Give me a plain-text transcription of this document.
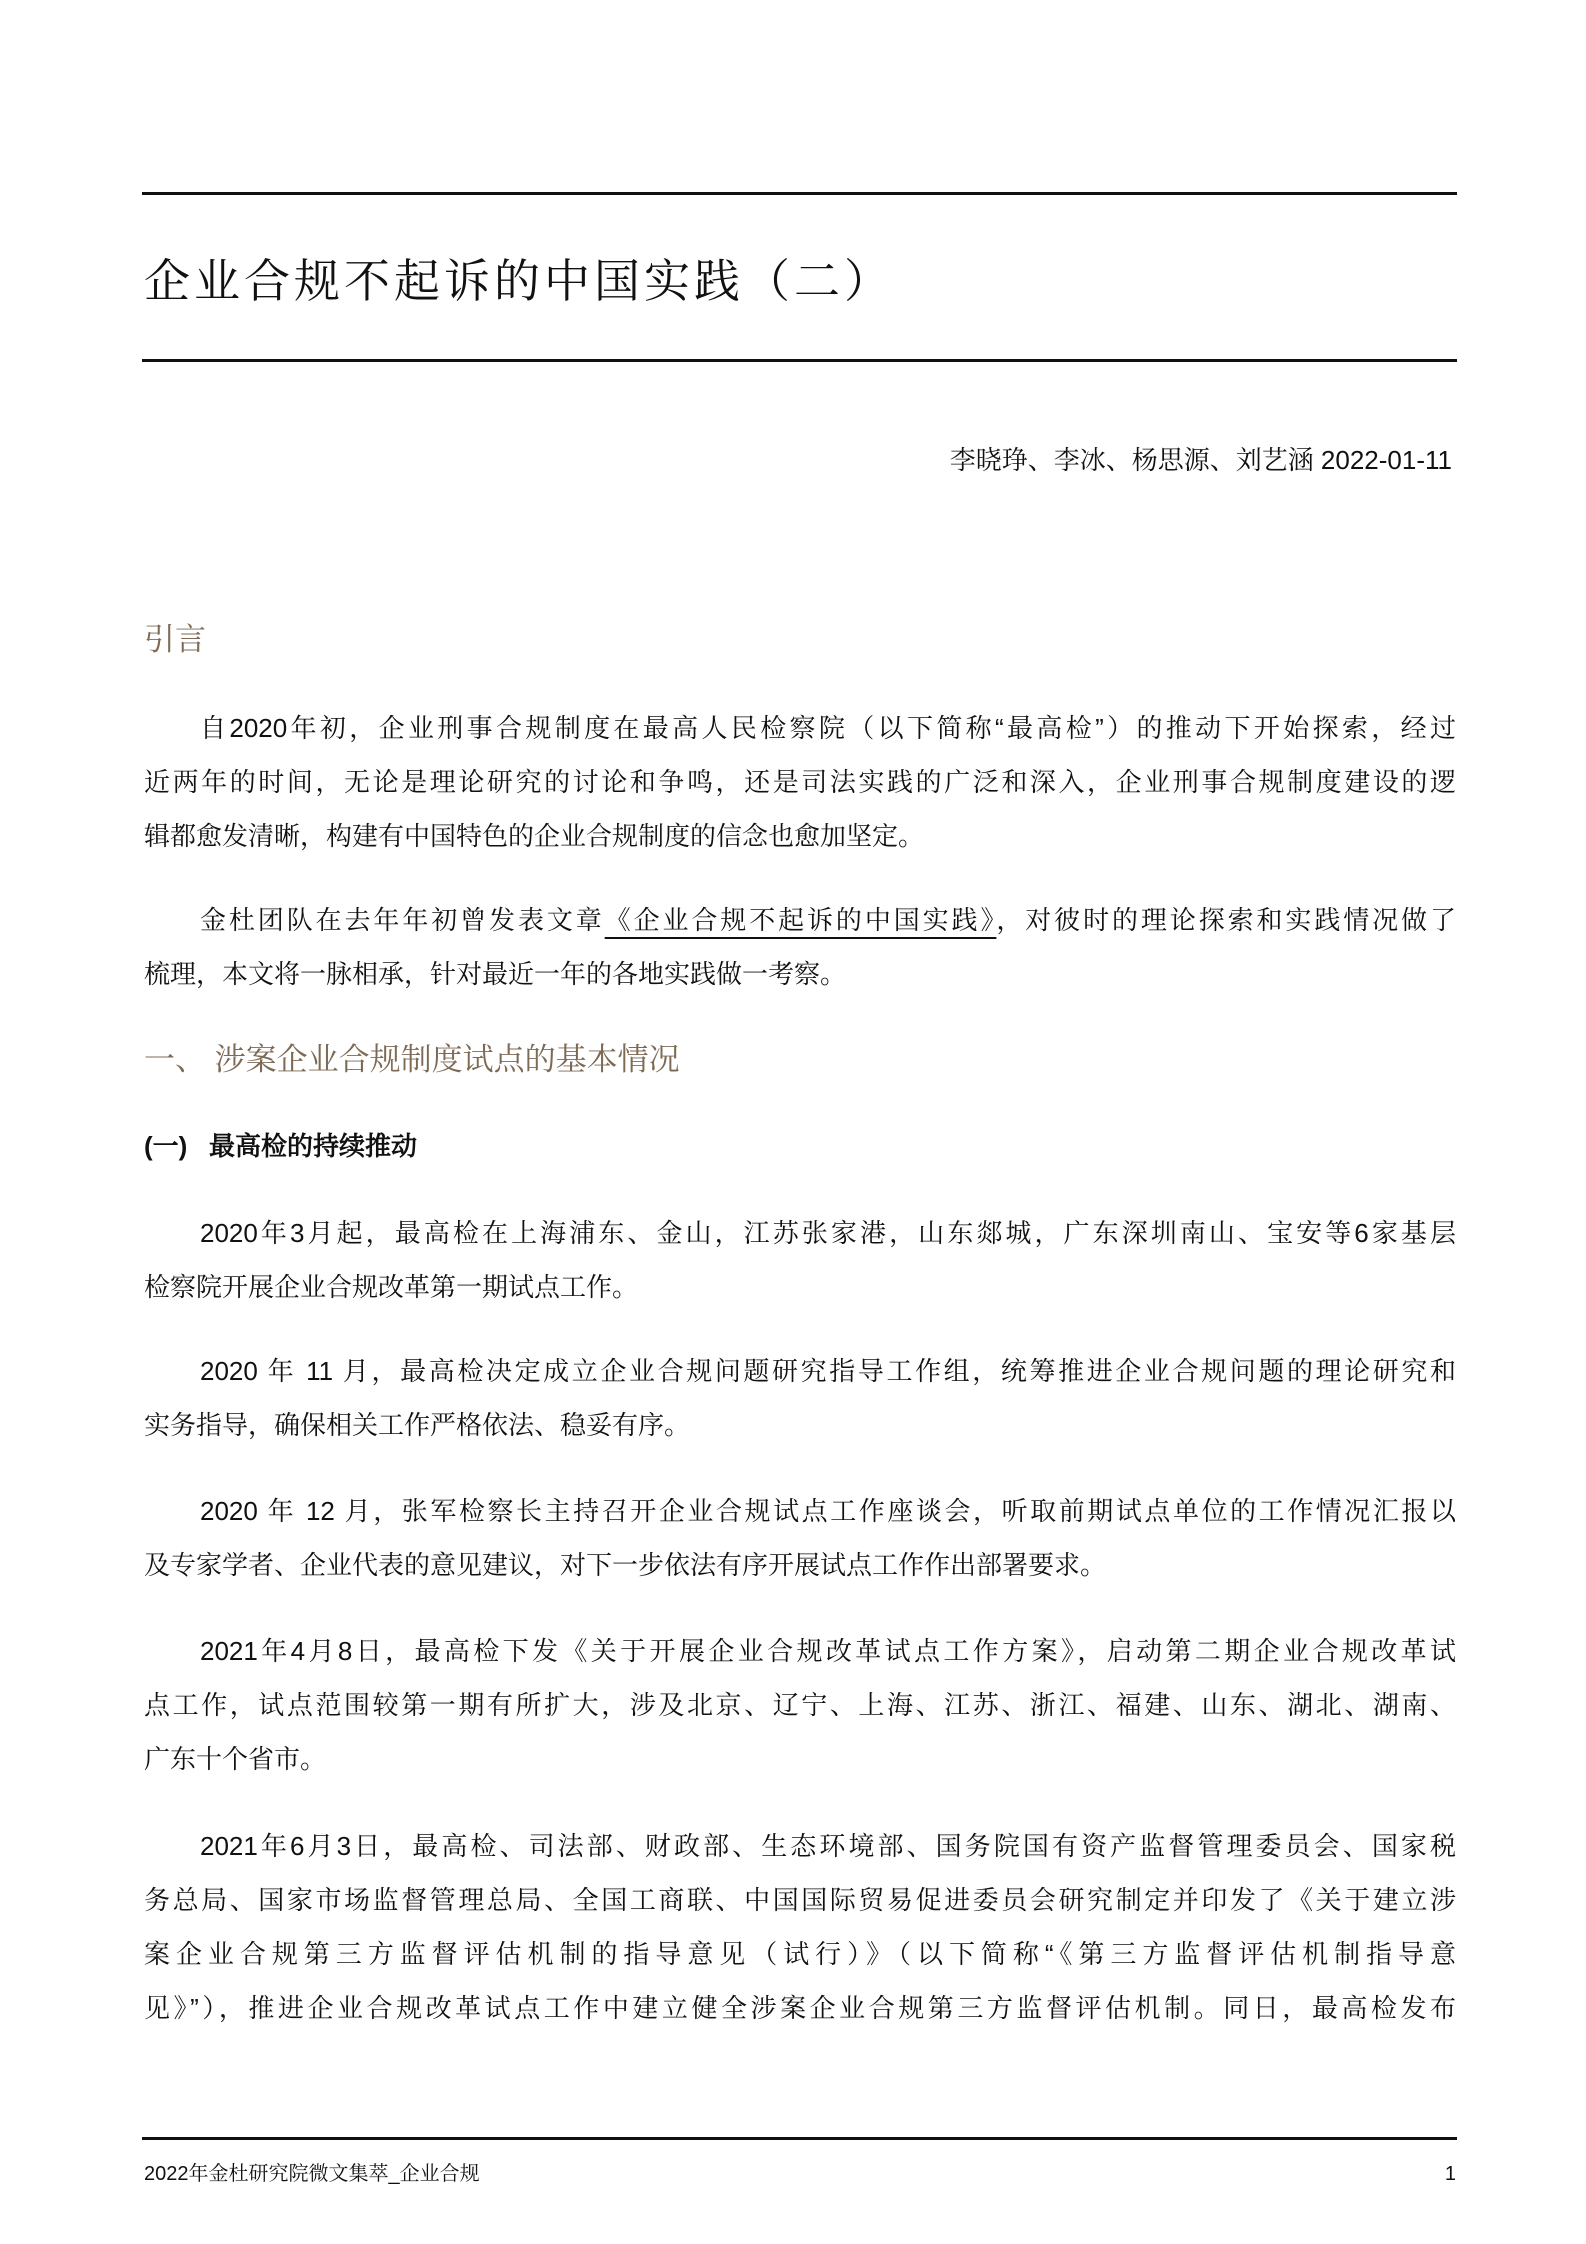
企业合规不起诉的中国实践（二）
李晓琤、李冰、杨思源、刘艺涵 2022-01-11
引言
自2020年初，企业刑事合规制度在最高人民检察院（以下简称“最高检”）的推动下开始探索，经过
近两年的时间，无论是理论研究的讨论和争鸣，还是司法实践的广泛和深入，企业刑事合规制度建设的逻
辑都愈发清晰，构建有中国特色的企业合规制度的信念也愈加坚定。
金杜团队在去年年初曾发表文章《企业合规不起诉的中国实践》，对彼时的理论探索和实践情况做了
梳理，本文将一脉相承，针对最近一年的各地实践做一考察。
一、 涉案企业合规制度试点的基本情况
(一)   最高检的持续推动
2020年3月起，最高检在上海浦东、金山，江苏张家港，山东郯城，广东深圳南山、宝安等6家基层
检察院开展企业合规改革第一期试点工作。
2020 年 11 月，最高检决定成立企业合规问题研究指导工作组，统筹推进企业合规问题的理论研究和
实务指导，确保相关工作严格依法、稳妥有序。
2020 年 12 月，张军检察长主持召开企业合规试点工作座谈会，听取前期试点单位的工作情况汇报以
及专家学者、企业代表的意见建议，对下一步依法有序开展试点工作作出部署要求。
2021年4月8日，最高检下发《关于开展企业合规改革试点工作方案》，启动第二期企业合规改革试
点工作，试点范围较第一期有所扩大，涉及北京、辽宁、上海、江苏、浙江、福建、山东、湖北、湖南、
广东十个省市。
2021年6月3日，最高检、司法部、财政部、生态环境部、国务院国有资产监督管理委员会、国家税
务总局、国家市场监督管理总局、全国工商联、中国国际贸易促进委员会研究制定并印发了《关于建立涉
案企业合规第三方监督评估机制的指导意见（试行）》（以下简称“《第三方监督评估机制指导意
见》”），推进企业合规改革试点工作中建立健全涉案企业合规第三方监督评估机制。同日，最高检发布
2022年金杜研究院微文集萃_企业合规	1
